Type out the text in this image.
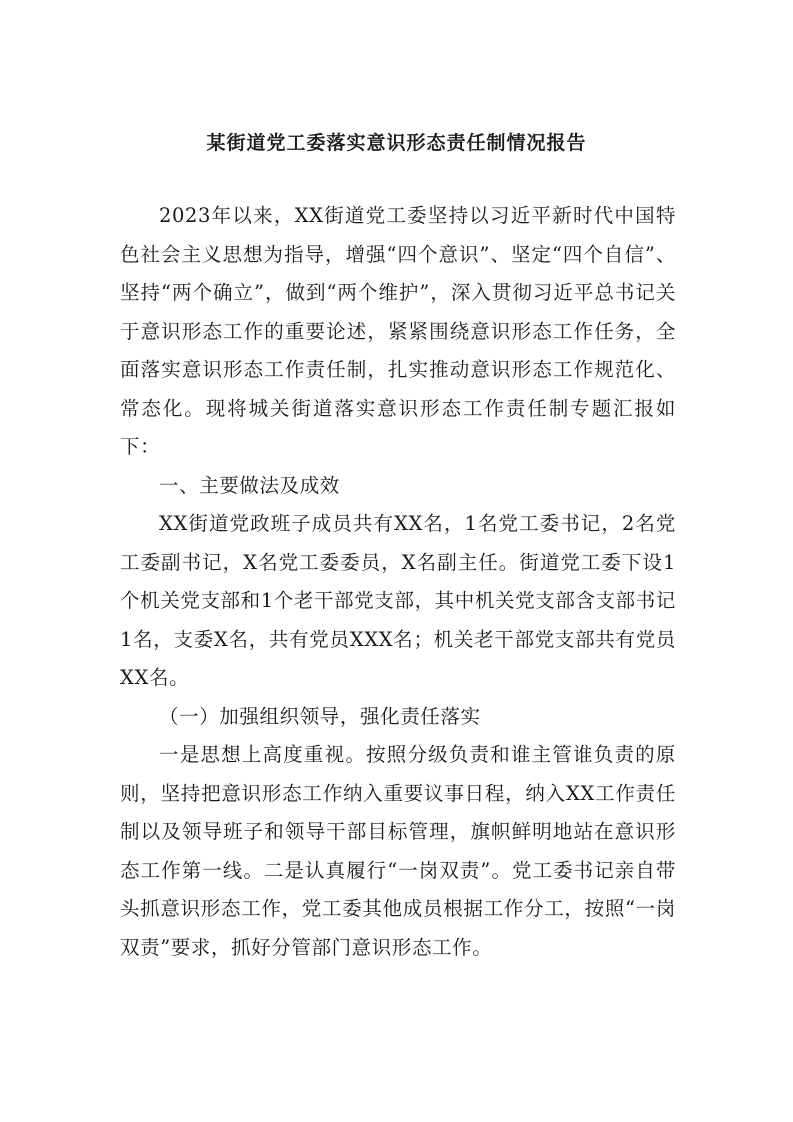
某街道党工委落实意识形态责任制情况报告

2023年以来，XX街道党工委坚持以习近平新时代中国特色社会主义思想为指导，增强“四个意识”、坚定“四个自信”、坚持“两个确立”，做到“两个维护”，深入贯彻习近平总书记关于意识形态工作的重要论述，紧紧围绕意识形态工作任务，全面落实意识形态工作责任制，扎实推动意识形态工作规范化、常态化。现将城关街道落实意识形态工作责任制专题汇报如下：

一、主要做法及成效

XX街道党政班子成员共有XX名，1名党工委书记，2名党工委副书记，X名党工委委员，X名副主任。街道党工委下设1个机关党支部和1个老干部党支部，其中机关党支部含支部书记1名，支委X名，共有党员XXX名；机关老干部党支部共有党员XX名。

（一）加强组织领导，强化责任落实

一是思想上高度重视。按照分级负责和谁主管谁负责的原则，坚持把意识形态工作纳入重要议事日程，纳入XX工作责任制以及领导班子和领导干部目标管理，旗帜鲜明地站在意识形态工作第一线。二是认真履行“一岗双责”。党工委书记亲自带头抓意识形态工作，党工委其他成员根据工作分工，按照“一岗双责”要求，抓好分管部门意识形态工作。
